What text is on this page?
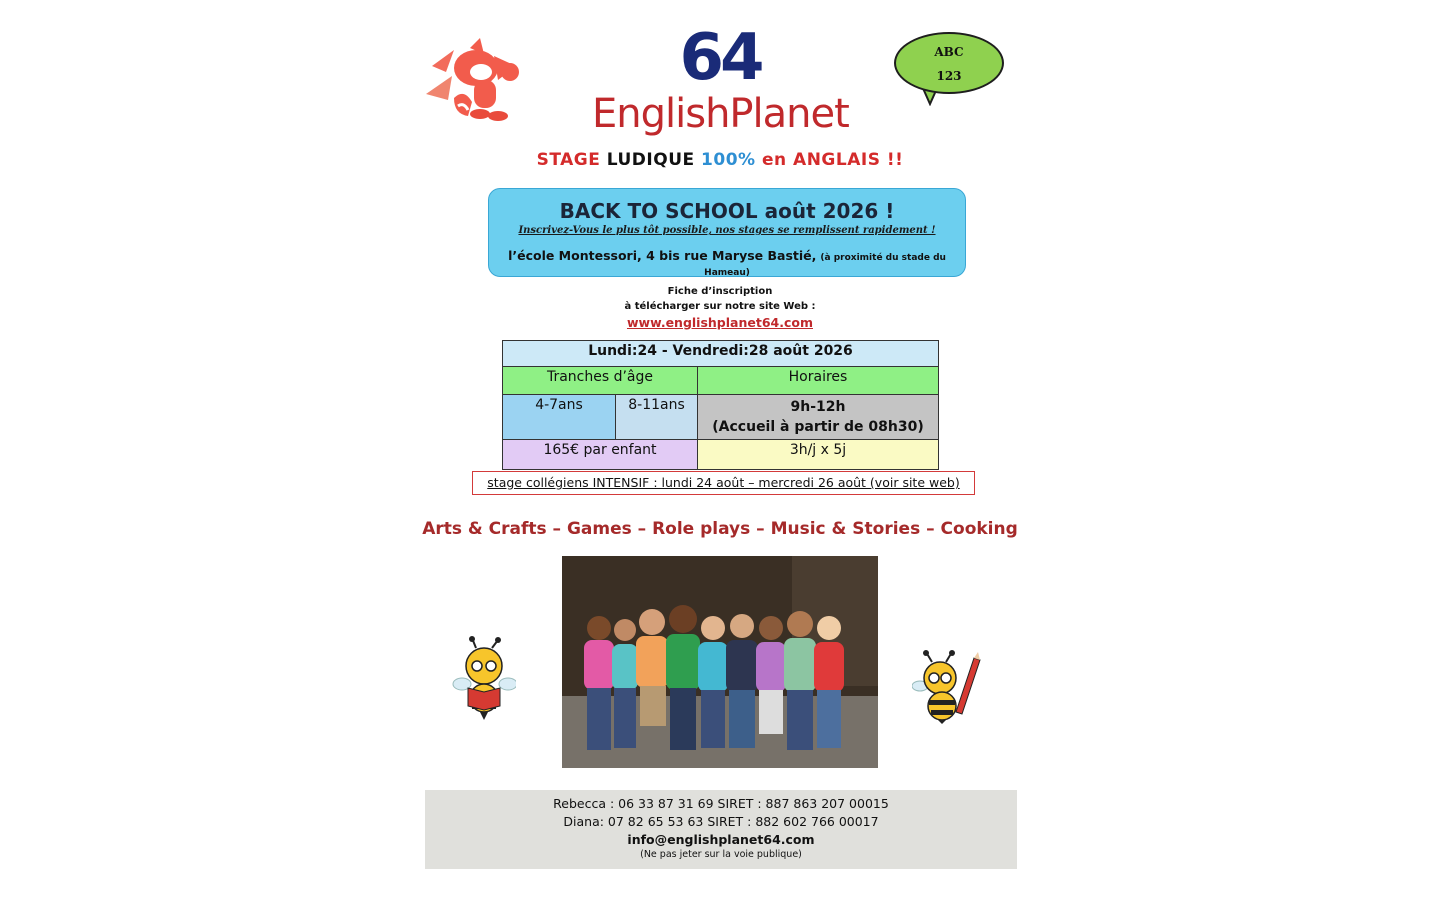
64
EnglishPlanet
ABC
123
STAGE LUDIQUE 100% en ANGLAIS !!
BACK TO SCHOOL août 2026 !
Inscrivez-Vous le plus tôt possible, nos stages se remplissent rapidement !
l’école Montessori, 4 bis rue Maryse Bastié, (à proximité du stade du Hameau)
Fiche d’inscription
à télécharger sur notre site Web :
www.englishplanet64.com
Lundi:24 - Vendredi:28 août 2026		
Tranches d’âge		Horaires
4-7ans	8-11ans	9h-12h
(Accueil à partir de 08h30)

165€ par enfant		3h/j x 5j
stage collégiens INTENSIF : lundi 24 août – mercredi 26 août (voir site web)
Arts & Crafts – Games – Role plays – Music & Stories – Cooking
Rebecca : 06 33 87 31 69 SIRET : 887 863 207 00015
Diana: 07 82 65 53 63 SIRET : 882 602 766 00017
info@englishplanet64.com
(Ne pas jeter sur la voie publique)
